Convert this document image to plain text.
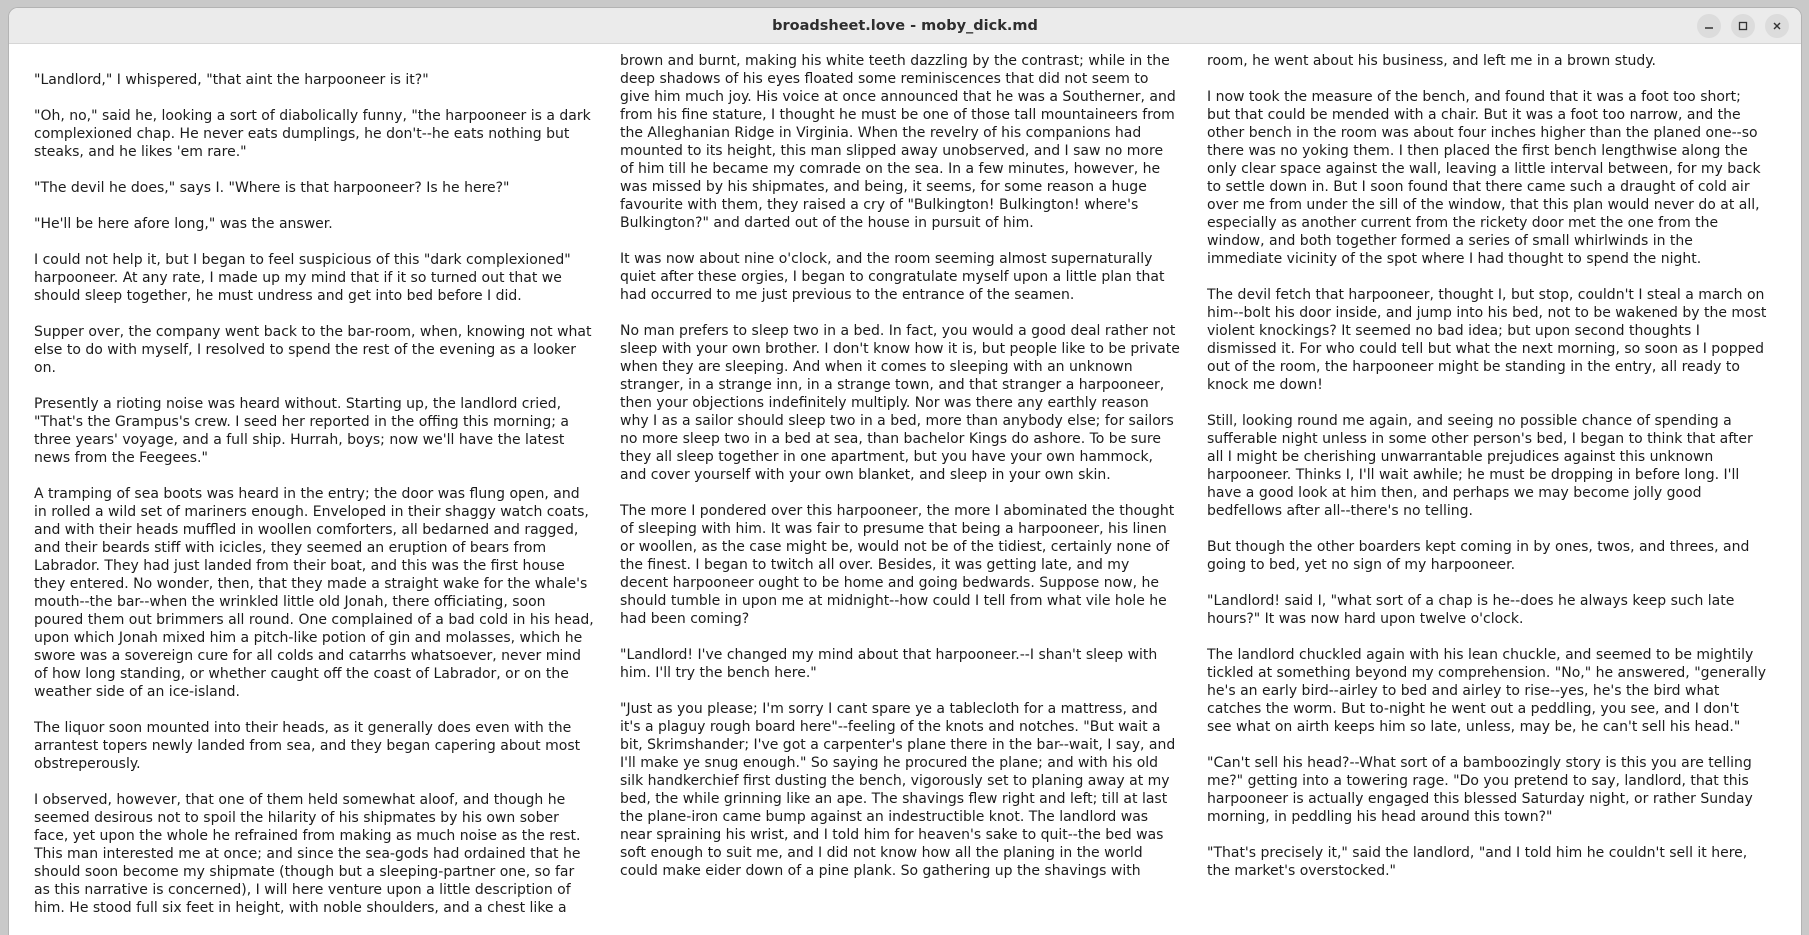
broadsheet.love - moby_dick.md

"Landlord," I whispered, "that aint the harpooneer is it?"

"Oh, no," said he, looking a sort of diabolically funny, "the harpooneer is a dark complexioned chap. He never eats dumplings, he don't--he eats nothing but steaks, and he likes 'em rare."

"The devil he does," says I. "Where is that harpooneer? Is he here?"

"He'll be here afore long," was the answer.

I could not help it, but I began to feel suspicious of this "dark complexioned" harpooneer. At any rate, I made up my mind that if it so turned out that we should sleep together, he must undress and get into bed before I did.

Supper over, the company went back to the bar-room, when, knowing not what else to do with myself, I resolved to spend the rest of the evening as a looker on.

Presently a rioting noise was heard without. Starting up, the landlord cried, "That's the Grampus's crew. I seed her reported in the offing this morning; a three years' voyage, and a full ship. Hurrah, boys; now we'll have the latest news from the Feegees."

A tramping of sea boots was heard in the entry; the door was flung open, and in rolled a wild set of mariners enough. Enveloped in their shaggy watch coats, and with their heads muffled in woollen comforters, all bedarned and ragged, and their beards stiff with icicles, they seemed an eruption of bears from Labrador. They had just landed from their boat, and this was the first house they entered. No wonder, then, that they made a straight wake for the whale's mouth--the bar--when the wrinkled little old Jonah, there officiating, soon poured them out brimmers all round. One complained of a bad cold in his head, upon which Jonah mixed him a pitch-like potion of gin and molasses, which he swore was a sovereign cure for all colds and catarrhs whatsoever, never mind of how long standing, or whether caught off the coast of Labrador, or on the weather side of an ice-island.

The liquor soon mounted into their heads, as it generally does even with the arrantest topers newly landed from sea, and they began capering about most obstreperously.

I observed, however, that one of them held somewhat aloof, and though he seemed desirous not to spoil the hilarity of his shipmates by his own sober face, yet upon the whole he refrained from making as much noise as the rest. This man interested me at once; and since the sea-gods had ordained that he should soon become my shipmate (though but a sleeping-partner one, so far as this narrative is concerned), I will here venture upon a little description of him. He stood full six feet in height, with noble shoulders, and a chest like a

brown and burnt, making his white teeth dazzling by the contrast; while in the deep shadows of his eyes floated some reminiscences that did not seem to give him much joy. His voice at once announced that he was a Southerner, and from his fine stature, I thought he must be one of those tall mountaineers from the Alleghanian Ridge in Virginia. When the revelry of his companions had mounted to its height, this man slipped away unobserved, and I saw no more of him till he became my comrade on the sea. In a few minutes, however, he was missed by his shipmates, and being, it seems, for some reason a huge favourite with them, they raised a cry of "Bulkington! Bulkington! where's Bulkington?" and darted out of the house in pursuit of him.

It was now about nine o'clock, and the room seeming almost supernaturally quiet after these orgies, I began to congratulate myself upon a little plan that had occurred to me just previous to the entrance of the seamen.

No man prefers to sleep two in a bed. In fact, you would a good deal rather not sleep with your own brother. I don't know how it is, but people like to be private when they are sleeping. And when it comes to sleeping with an unknown stranger, in a strange inn, in a strange town, and that stranger a harpooneer, then your objections indefinitely multiply. Nor was there any earthly reason why I as a sailor should sleep two in a bed, more than anybody else; for sailors no more sleep two in a bed at sea, than bachelor Kings do ashore. To be sure they all sleep together in one apartment, but you have your own hammock, and cover yourself with your own blanket, and sleep in your own skin.

The more I pondered over this harpooneer, the more I abominated the thought of sleeping with him. It was fair to presume that being a harpooneer, his linen or woollen, as the case might be, would not be of the tidiest, certainly none of the finest. I began to twitch all over. Besides, it was getting late, and my decent harpooneer ought to be home and going bedwards. Suppose now, he should tumble in upon me at midnight--how could I tell from what vile hole he had been coming?

"Landlord! I've changed my mind about that harpooneer.--I shan't sleep with him. I'll try the bench here."

"Just as you please; I'm sorry I cant spare ye a tablecloth for a mattress, and it's a plaguy rough board here"--feeling of the knots and notches. "But wait a bit, Skrimshander; I've got a carpenter's plane there in the bar--wait, I say, and I'll make ye snug enough." So saying he procured the plane; and with his old silk handkerchief first dusting the bench, vigorously set to planing away at my bed, the while grinning like an ape. The shavings flew right and left; till at last the plane-iron came bump against an indestructible knot. The landlord was near spraining his wrist, and I told him for heaven's sake to quit--the bed was soft enough to suit me, and I did not know how all the planing in the world could make eider down of a pine plank. So gathering up the shavings with

room, he went about his business, and left me in a brown study.

I now took the measure of the bench, and found that it was a foot too short; but that could be mended with a chair. But it was a foot too narrow, and the other bench in the room was about four inches higher than the planed one--so there was no yoking them. I then placed the first bench lengthwise along the only clear space against the wall, leaving a little interval between, for my back to settle down in. But I soon found that there came such a draught of cold air over me from under the sill of the window, that this plan would never do at all, especially as another current from the rickety door met the one from the window, and both together formed a series of small whirlwinds in the immediate vicinity of the spot where I had thought to spend the night.

The devil fetch that harpooneer, thought I, but stop, couldn't I steal a march on him--bolt his door inside, and jump into his bed, not to be wakened by the most violent knockings? It seemed no bad idea; but upon second thoughts I dismissed it. For who could tell but what the next morning, so soon as I popped out of the room, the harpooneer might be standing in the entry, all ready to knock me down!

Still, looking round me again, and seeing no possible chance of spending a sufferable night unless in some other person's bed, I began to think that after all I might be cherishing unwarrantable prejudices against this unknown harpooneer. Thinks I, I'll wait awhile; he must be dropping in before long. I'll have a good look at him then, and perhaps we may become jolly good bedfellows after all--there's no telling.

But though the other boarders kept coming in by ones, twos, and threes, and going to bed, yet no sign of my harpooneer.

"Landlord! said I, "what sort of a chap is he--does he always keep such late hours?" It was now hard upon twelve o'clock.

The landlord chuckled again with his lean chuckle, and seemed to be mightily tickled at something beyond my comprehension. "No," he answered, "generally he's an early bird--airley to bed and airley to rise--yes, he's the bird what catches the worm. But to-night he went out a peddling, you see, and I don't see what on airth keeps him so late, unless, may be, he can't sell his head."

"Can't sell his head?--What sort of a bamboozingly story is this you are telling me?" getting into a towering rage. "Do you pretend to say, landlord, that this harpooneer is actually engaged this blessed Saturday night, or rather Sunday morning, in peddling his head around this town?"

"That's precisely it," said the landlord, "and I told him he couldn't sell it here, the market's overstocked."
